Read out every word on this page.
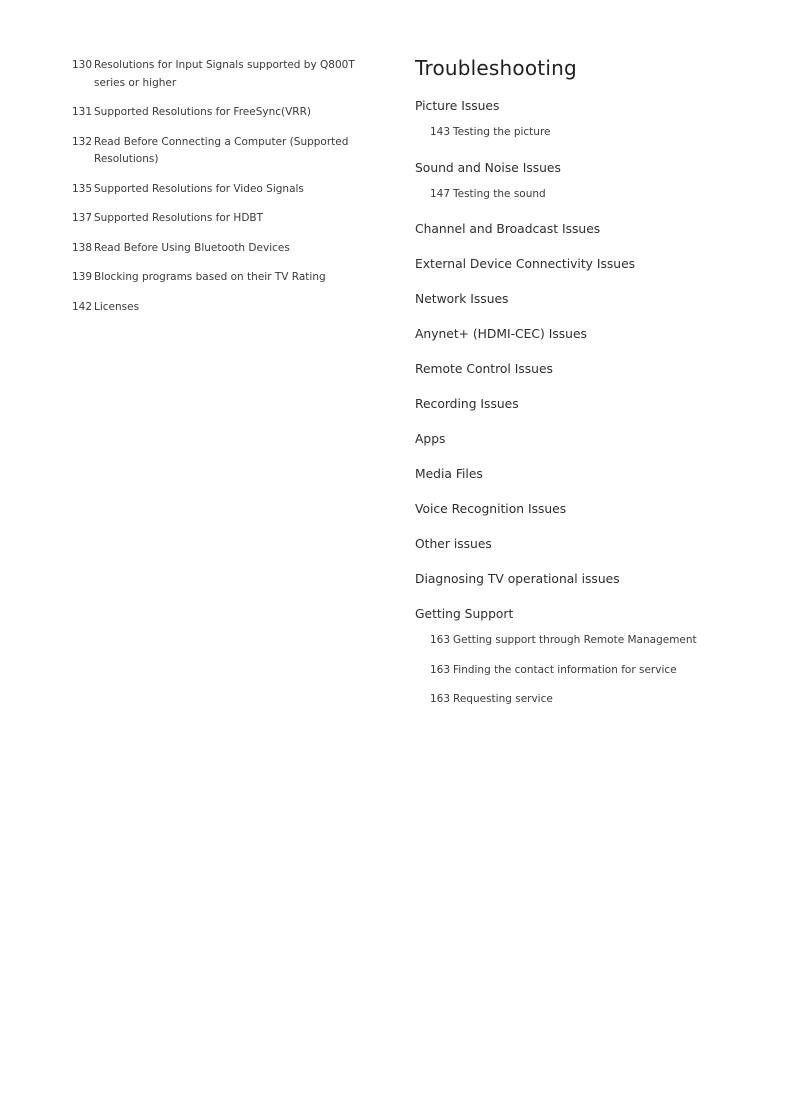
130 Resolutions for Input Signals supported by Q800T series or higher
131 Supported Resolutions for FreeSync(VRR)
132 Read Before Connecting a Computer (Supported Resolutions)
135 Supported Resolutions for Video Signals
137 Supported Resolutions for HDBT
138 Read Before Using Bluetooth Devices
139 Blocking programs based on their TV Rating
142 Licenses
Troubleshooting
Picture Issues
143 Testing the picture
Sound and Noise Issues
147 Testing the sound
Channel and Broadcast Issues
External Device Connectivity Issues
Network Issues
Anynet+ (HDMI-CEC) Issues
Remote Control Issues
Recording Issues
Apps
Media Files
Voice Recognition Issues
Other issues
Diagnosing TV operational issues
Getting Support
163 Getting support through Remote Management
163 Finding the contact information for service
163 Requesting service
